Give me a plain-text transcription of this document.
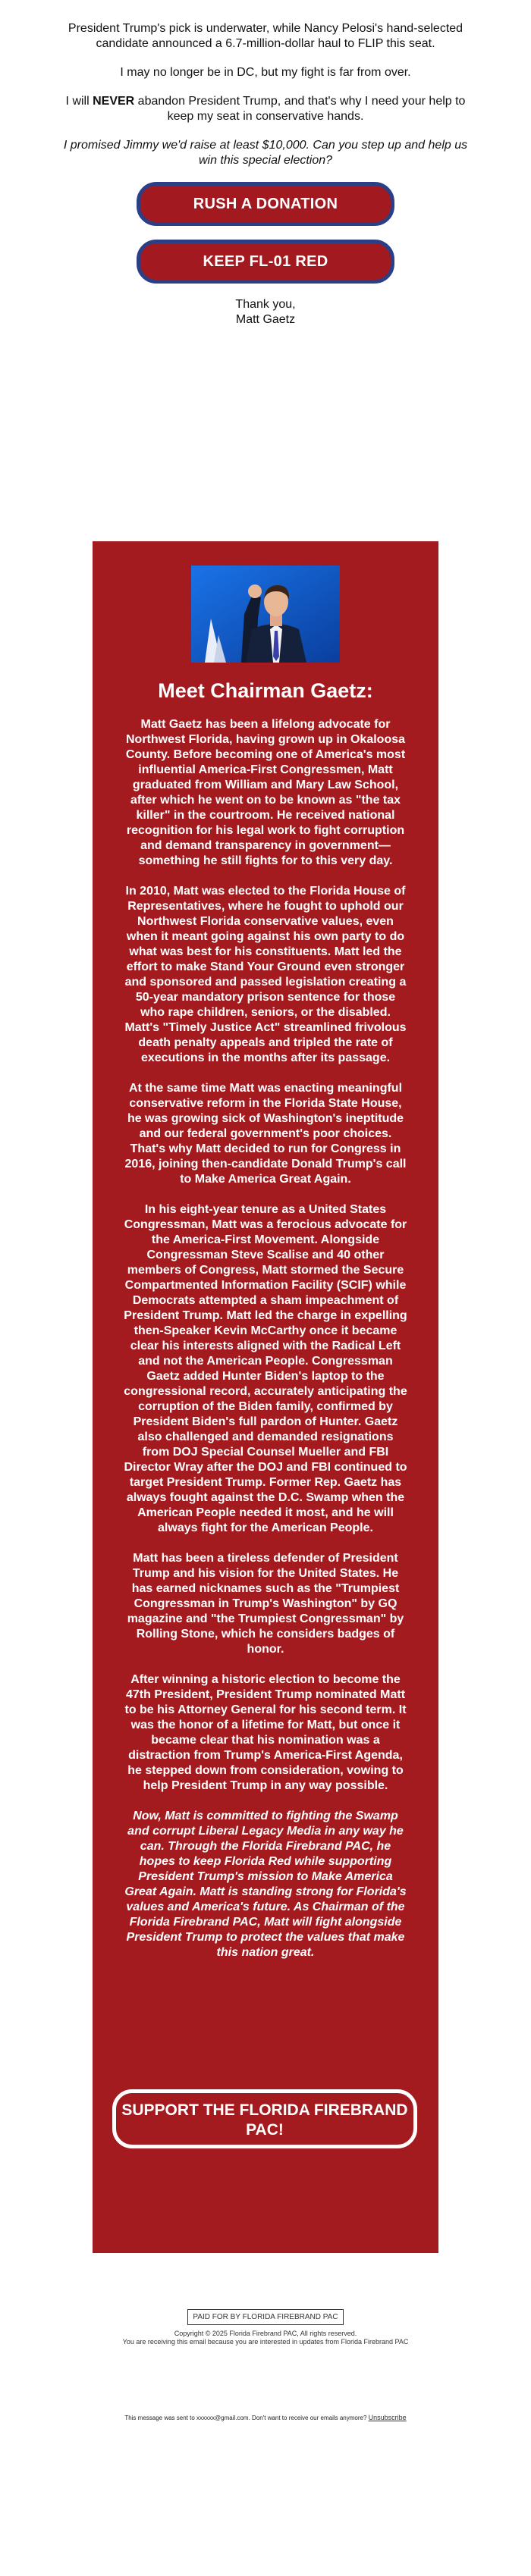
President Trump's pick is underwater, while Nancy Pelosi's hand-selected candidate announced a 6.7-million-dollar haul to FLIP this seat.

I may no longer be in DC, but my fight is far from over.

I will NEVER abandon President Trump, and that's why I need your help to keep my seat in conservative hands.

I promised Jimmy we'd raise at least $10,000. Can you step up and help us win this special election?

RUSH A DONATION
KEEP FL-01 RED
Thank you,
Matt Gaetz
Meet Chairman Gaetz:

Matt Gaetz has been a lifelong advocate for Northwest Florida, having grown up in Okaloosa County. Before becoming one of America's most influential America-First Congressmen, Matt graduated from William and Mary Law School, after which he went on to be known as "the tax killer" in the courtroom. He received national recognition for his legal work to fight corruption and demand transparency in government—something he still fights for to this very day.

In 2010, Matt was elected to the Florida House of Representatives, where he fought to uphold our Northwest Florida conservative values, even when it meant going against his own party to do what was best for his constituents. Matt led the effort to make Stand Your Ground even stronger and sponsored and passed legislation creating a 50-year mandatory prison sentence for those who rape children, seniors, or the disabled. Matt's "Timely Justice Act" streamlined frivolous death penalty appeals and tripled the rate of executions in the months after its passage.

At the same time Matt was enacting meaningful conservative reform in the Florida State House, he was growing sick of Washington's ineptitude and our federal government's poor choices. That's why Matt decided to run for Congress in 2016, joining then-candidate Donald Trump's call to Make America Great Again.

In his eight-year tenure as a United States Congressman, Matt was a ferocious advocate for the America-First Movement. Alongside Congressman Steve Scalise and 40 other members of Congress, Matt stormed the Secure Compartmented Information Facility (SCIF) while Democrats attempted a sham impeachment of President Trump. Matt led the charge in expelling then-Speaker Kevin McCarthy once it became clear his interests aligned with the Radical Left and not the American People. Congressman Gaetz added Hunter Biden's laptop to the congressional record, accurately anticipating the corruption of the Biden family, confirmed by President Biden's full pardon of Hunter. Gaetz also challenged and demanded resignations from DOJ Special Counsel Mueller and FBI Director Wray after the DOJ and FBI continued to target President Trump. Former Rep. Gaetz has always fought against the D.C. Swamp when the American People needed it most, and he will always fight for the American People.

Matt has been a tireless defender of President Trump and his vision for the United States. He has earned nicknames such as the "Trumpiest Congressman in Trump's Washington" by GQ magazine and "the Trumpiest Congressman" by Rolling Stone, which he considers badges of honor.

After winning a historic election to become the 47th President, President Trump nominated Matt to be his Attorney General for his second term. It was the honor of a lifetime for Matt, but once it became clear that his nomination was a distraction from Trump's America-First Agenda, he stepped down from consideration, vowing to help President Trump in any way possible.

Now, Matt is committed to fighting the Swamp and corrupt Liberal Legacy Media in any way he can. Through the Florida Firebrand PAC, he hopes to keep Florida Red while supporting President Trump's mission to Make America Great Again. Matt is standing strong for Florida's values and America's future. As Chairman of the Florida Firebrand PAC, Matt will fight alongside President Trump to protect the values that make this nation great.

SUPPORT THE FLORIDA FIREBRAND PAC!
PAID FOR BY FLORIDA FIREBRAND PAC
Copyright © 2025 Florida Firebrand PAC, All rights reserved.
You are receiving this email because you are interested in updates from Florida Firebrand PAC
This message was sent to xxxxxx@gmail.com. Don't want to receive our emails anymore? Unsubscribe
